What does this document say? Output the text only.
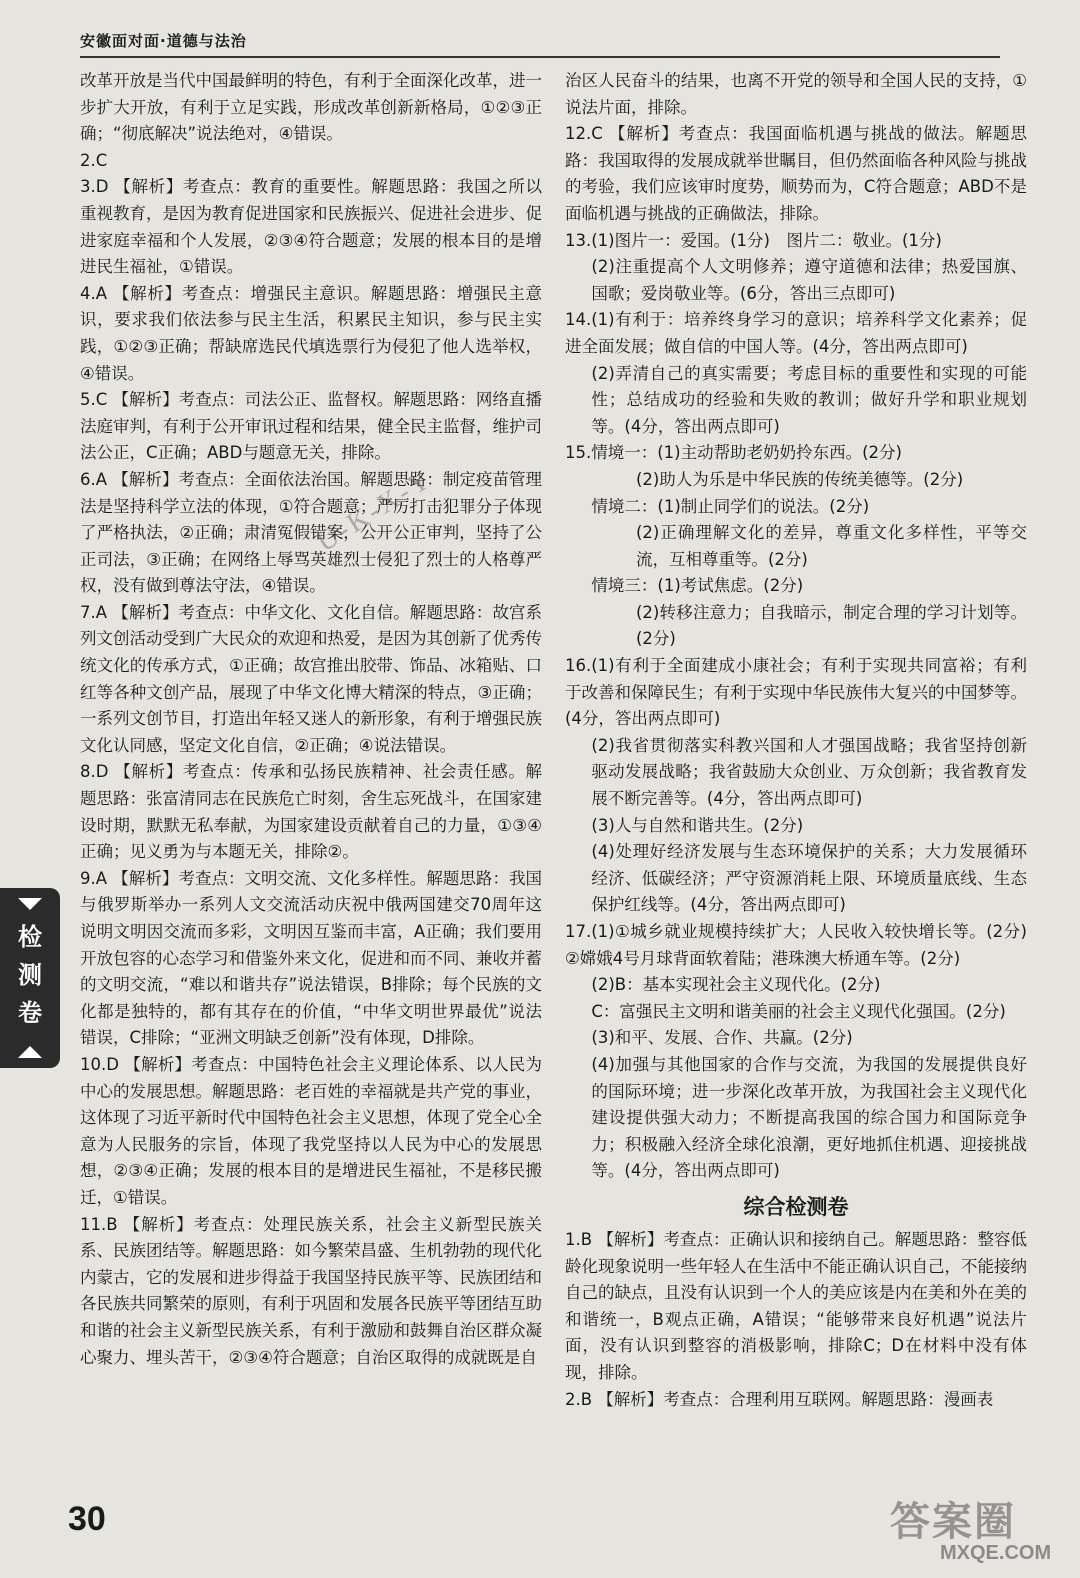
安徽面对面·道德与法治

改革开放是当代中国最鲜明的特色，有利于全面深化改革，进一步扩大开放，有利于立足实践，形成改革创新新格局，①②③正确；“彻底解决”说法绝对，④错误。

2.C

3.D 【解析】考查点：教育的重要性。解题思路：我国之所以重视教育，是因为教育促进国家和民族振兴、促进社会进步、促进家庭幸福和个人发展，②③④符合题意；发展的根本目的是增进民生福祉，①错误。

4.A 【解析】考查点：增强民主意识。解题思路：增强民主意识，要求我们依法参与民主生活，积累民主知识，参与民主实践，①②③正确；帮缺席选民代填选票行为侵犯了他人选举权，④错误。

5.C 【解析】考查点：司法公正、监督权。解题思路：网络直播法庭审判，有利于公开审讯过程和结果，健全民主监督，维护司法公正，C正确；ABD与题意无关，排除。

6.A 【解析】考查点：全面依法治国。解题思路：制定疫苗管理法是坚持科学立法的体现，①符合题意；严厉打击犯罪分子体现了严格执法，②正确；肃清冤假错案，公开公正审判，坚持了公正司法，③正确；在网络上辱骂英雄烈士侵犯了烈士的人格尊严权，没有做到尊法守法，④错误。

7.A 【解析】考查点：中华文化、文化自信。解题思路：故宫系列文创活动受到广大民众的欢迎和热爱，是因为其创新了优秀传统文化的传承方式，①正确；故宫推出胶带、饰品、冰箱贴、口红等各种文创产品，展现了中华文化博大精深的特点，③正确；一系列文创节目，打造出年轻又迷人的新形象，有利于增强民族文化认同感，坚定文化自信，②正确；④说法错误。

8.D 【解析】考查点：传承和弘扬民族精神、社会责任感。解题思路：张富清同志在民族危亡时刻，舍生忘死战斗，在国家建设时期，默默无私奉献，为国家建设贡献着自己的力量，①③④正确；见义勇为与本题无关，排除②。

9.A 【解析】考查点：文明交流、文化多样性。解题思路：我国与俄罗斯举办一系列人文交流活动庆祝中俄两国建交70周年这说明文明因交流而多彩，文明因互鉴而丰富，A正确；我们要用开放包容的心态学习和借鉴外来文化，促进和而不同、兼收并蓄的文明交流，“难以和谐共存”说法错误，B排除；每个民族的文化都是独特的，都有其存在的价值，“中华文明世界最优”说法错误，C排除；“亚洲文明缺乏创新”没有体现，D排除。

10.D 【解析】考查点：中国特色社会主义理论体系、以人民为中心的发展思想。解题思路：老百姓的幸福就是共产党的事业，这体现了习近平新时代中国特色社会主义思想，体现了党全心全意为人民服务的宗旨，体现了我党坚持以人民为中心的发展思想，②③④正确；发展的根本目的是增进民生福祉，不是移民搬迁，①错误。

11.B 【解析】考查点：处理民族关系，社会主义新型民族关系、民族团结等。解题思路：如今繁荣昌盛、生机勃勃的现代化内蒙古，它的发展和进步得益于我国坚持民族平等、民族团结和各民族共同繁荣的原则，有利于巩固和发展各民族平等团结互助和谐的社会主义新型民族关系，有利于激励和鼓舞自治区群众凝心聚力、埋头苦干，②③④符合题意；自治区取得的成就既是自

治区人民奋斗的结果，也离不开党的领导和全国人民的支持，①说法片面，排除。

12.C 【解析】考查点：我国面临机遇与挑战的做法。解题思路：我国取得的发展成就举世瞩目，但仍然面临各种风险与挑战的考验，我们应该审时度势，顺势而为，C符合题意；ABD不是面临机遇与挑战的正确做法，排除。

13.(1)图片一：爱国。(1分)　图片二：敬业。(1分)

(2)注重提高个人文明修养；遵守道德和法律；热爱国旗、国歌；爱岗敬业等。(6分，答出三点即可)

14.(1)有利于：培养终身学习的意识；培养科学文化素养；促进全面发展；做自信的中国人等。(4分，答出两点即可)

(2)弄清自己的真实需要；考虑目标的重要性和实现的可能性；总结成功的经验和失败的教训；做好升学和职业规划等。(4分，答出两点即可)

15.情境一：(1)主动帮助老奶奶拎东西。(2分)

(2)助人为乐是中华民族的传统美德等。(2分)

情境二：(1)制止同学们的说法。(2分)

(2)正确理解文化的差异，尊重文化多样性，平等交流，互相尊重等。(2分)

情境三：(1)考试焦虑。(2分)

(2)转移注意力；自我暗示，制定合理的学习计划等。(2分)

16.(1)有利于全面建成小康社会；有利于实现共同富裕；有利于改善和保障民生；有利于实现中华民族伟大复兴的中国梦等。(4分，答出两点即可)

(2)我省贯彻落实科教兴国和人才强国战略；我省坚持创新驱动发展战略；我省鼓励大众创业、万众创新；我省教育发展不断完善等。(4分，答出两点即可)

(3)人与自然和谐共生。(2分)

(4)处理好经济发展与生态环境保护的关系；大力发展循环经济、低碳经济；严守资源消耗上限、环境质量底线、生态保护红线等。(4分，答出两点即可)

17.(1)①城乡就业规模持续扩大；人民收入较快增长等。(2分)②嫦娥4号月球背面软着陆；港珠澳大桥通车等。(2分)

(2)B：基本实现社会主义现代化。(2分)

C：富强民主文明和谐美丽的社会主义现代化强国。(2分)

(3)和平、发展、合作、共赢。(2分)

(4)加强与其他国家的合作与交流，为我国的发展提供良好的国际环境；进一步深化改革开放，为我国社会主义现代化建设提供强大动力；不断提高我国的综合国力和国际竞争力；积极融入经济全球化浪潮，更好地抓住机遇、迎接挑战等。(4分，答出两点即可)

综合检测卷

1.B 【解析】考查点：正确认识和接纳自己。解题思路：整容低龄化现象说明一些年轻人在生活中不能正确认识自己，不能接纳自己的缺点，且没有认识到一个人的美应该是内在美和外在美的和谐统一，B观点正确，A错误；“能够带来良好机遇”说法片面，没有认识到整容的消极影响，排除C；D在材料中没有体现，排除。

2.B 【解析】考查点：合理利用互联网。解题思路：漫画表

检
测
卷
30
U‑K‑X‑Y
答案圈
MXQE.COM
